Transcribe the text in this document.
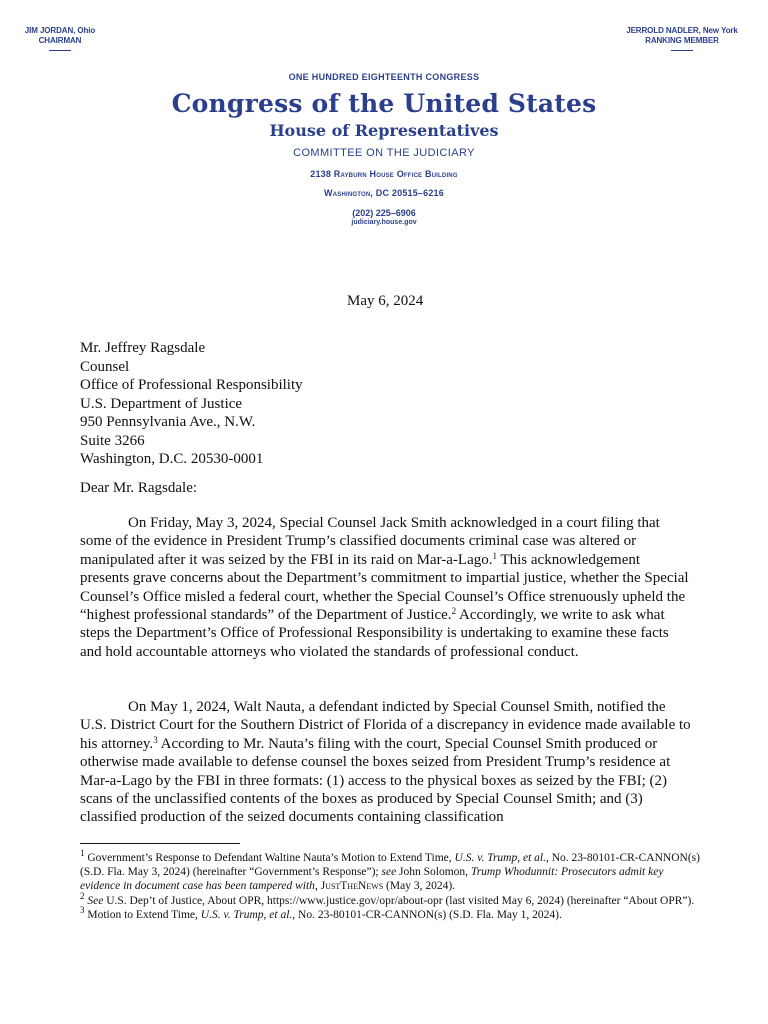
JIM JORDAN, Ohio
CHAIRMAN
JERROLD NADLER, New York
RANKING MEMBER
ONE HUNDRED EIGHTEENTH CONGRESS
Congress of the United States
House of Representatives
COMMITTEE ON THE JUDICIARY
2138 Rayburn House Office Building
Washington, DC 20515–6216
(202) 225–6906
judiciary.house.gov
May 6, 2024
Mr. Jeffrey Ragsdale
Counsel
Office of Professional Responsibility
U.S. Department of Justice
950 Pennsylvania Ave., N.W.
Suite 3266
Washington, D.C. 20530-0001
Dear Mr. Ragsdale:
On Friday, May 3, 2024, Special Counsel Jack Smith acknowledged in a court filing that some of the evidence in President Trump’s classified documents criminal case was altered or manipulated after it was seized by the FBI in its raid on Mar-a-Lago.$^1$ This acknowledgement presents grave concerns about the Department’s commitment to impartial justice, whether the Special Counsel’s Office misled a federal court, whether the Special Counsel’s Office strenuously upheld the “highest professional standards” of the Department of Justice.$^2$ Accordingly, we write to ask what steps the Department’s Office of Professional Responsibility is undertaking to examine these facts and hold accountable attorneys who violated the standards of professional conduct.
On May 1, 2024, Walt Nauta, a defendant indicted by Special Counsel Smith, notified the U.S. District Court for the Southern District of Florida of a discrepancy in evidence made available to his attorney.$^3$ According to Mr. Nauta’s filing with the court, Special Counsel Smith produced or otherwise made available to defense counsel the boxes seized from President Trump’s residence at Mar-a-Lago by the FBI in three formats: (1) access to the physical boxes as seized by the FBI; (2) scans of the unclassified contents of the boxes as produced by Special Counsel Smith; and (3) classified production of the seized documents containing classification

$^1$ Government’s Response to Defendant Waltine Nauta’s Motion to Extend Time, U.S. v. Trump, et al., No. 23-80101-CR-CANNON(s) (S.D. Fla. May 3, 2024) (hereinafter “Government’s Response”); see John Solomon, Trump Whodunnit: Prosecutors admit key evidence in document case has been tampered with, JustTheNews (May 3, 2024).

$^2$ See U.S. Dep’t of Justice, About OPR, https://www.justice.gov/opr/about-opr (last visited May 6, 2024) (hereinafter “About OPR”).

$^3$ Motion to Extend Time, U.S. v. Trump, et al., No. 23-80101-CR-CANNON(s) (S.D. Fla. May 1, 2024).
